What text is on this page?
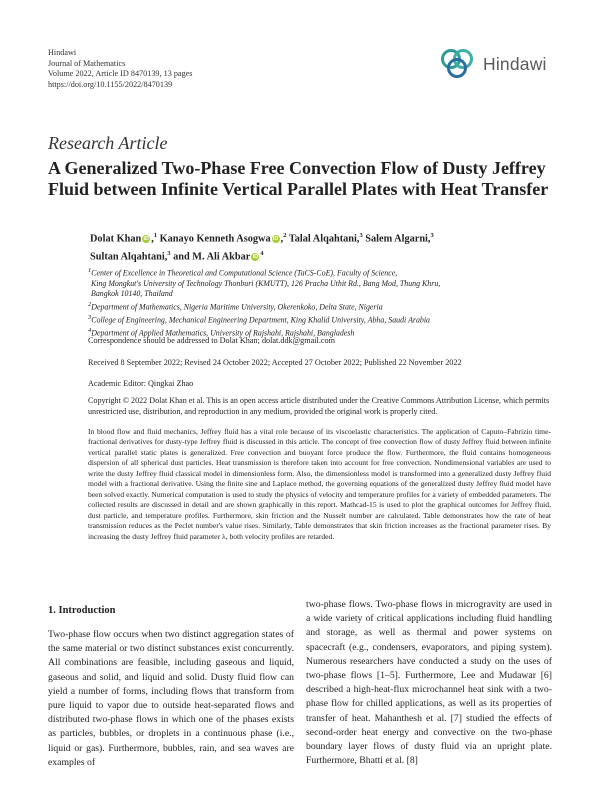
Hindawi
Journal of Mathematics
Volume 2022, Article ID 8470139, 13 pages
https://doi.org/10.1155/2022/8470139
Hindawi
Research Article
A Generalized Two-Phase Free Convection Flow of Dusty Jeffrey Fluid between Infinite Vertical Parallel Plates with Heat Transfer
Dolat Khan iD ,$^1$ Kanayo Kenneth Asogwa iD ,$^2$ Talal Alqahtani,$^3$ Salem Algarni,$^3$
Sultan Alqahtani,$^3$ and M. Ali Akbar $iD^4$
$^1$Center of Excellence in Theoretical and Computational Science (TaCS-CoE), Faculty of Science,
King Mongkut's University of Technology Thonburi (KMUTT), 126 Pracha Uthit Rd., Bang Mod, Thung Khru,
Bangkok 10140, Thailand
$^2$Department of Mathematics, Nigeria Maritime University, Okerenkoko, Delta State, Nigeria
$^3$College of Engineering, Mechanical Engineering Department, King Khalid University, Abha, Saudi Arabia
$^4$Department of Applied Mathematics, University of Rajshahi, Rajshahi, Bangladesh
Correspondence should be addressed to Dolat Khan; dolat.ddk@gmail.com
Received 8 September 2022; Revised 24 October 2022; Accepted 27 October 2022; Published 22 November 2022
Academic Editor: Qingkai Zhao
Copyright © 2022 Dolat Khan et al. This is an open access article distributed under the Creative Commons Attribution License, which permits unrestricted use, distribution, and reproduction in any medium, provided the original work is properly cited.
In blood flow and fluid mechanics, Jeffrey fluid has a vital role because of its viscoelastic characteristics. The application of Caputo–Fabrizio time-fractional derivatives for dusty-type Jeffrey fluid is discussed in this article. The concept of free convection flow of dusty Jeffrey fluid between infinite vertical parallel static plates is generalized. Free convection and buoyant force produce the flow. Furthermore, the fluid contains homogeneous dispersion of all spherical dust particles. Heat transmission is therefore taken into account for free convection. Nondimensional variables are used to write the dusty Jeffrey fluid classical model in dimensionless form. Also, the dimensionless model is transformed into a generalized dusty Jeffrey fluid model with a fractional derivative. Using the finite sine and Laplace method, the governing equations of the generalized dusty Jeffrey fluid model have been solved exactly. Numerical computation is used to study the physics of velocity and temperature profiles for a variety of embedded parameters. The collected results are discussed in detail and are shown graphically in this report. Mathcad-15 is used to plot the graphical outcomes for Jeffrey fluid, dust particle, and temperature profiles. Furthermore, skin friction and the Nusselt number are calculated. Table demonstrates how the rate of heat transmission reduces as the Peclet number's value rises. Similarly, Table demonstrates that skin friction increases as the fractional parameter rises. By increasing the dusty Jeffrey fluid parameter λ, both velocity profiles are retarded.
1. Introduction
Two-phase flow occurs when two distinct aggregation states of the same material or two distinct substances exist concurrently. All combinations are feasible, including gaseous and liquid, gaseous and solid, and liquid and solid. Dusty fluid flow can yield a number of forms, including flows that transform from pure liquid to vapor due to outside heat-separated flows and distributed two-phase flows in which one of the phases exists as particles, bubbles, or droplets in a continuous phase (i.e., liquid or gas). Furthermore, bubbles, rain, and sea waves are examples of
two-phase flows. Two-phase flows in microgravity are used in a wide variety of critical applications including fluid handling and storage, as well as thermal and power systems on spacecraft (e.g., condensers, evaporators, and piping system). Numerous researchers have conducted a study on the uses of two-phase flows [1–5]. Furthermore, Lee and Mudawar [6] described a high-heat-flux microchannel heat sink with a two-phase flow for chilled applications, as well as its properties of transfer of heat. Mahanthesh et al. [7] studied the effects of second-order heat energy and convective on the two-phase boundary layer flows of dusty fluid via an upright plate. Furthermore, Bhatti et al. [8]
